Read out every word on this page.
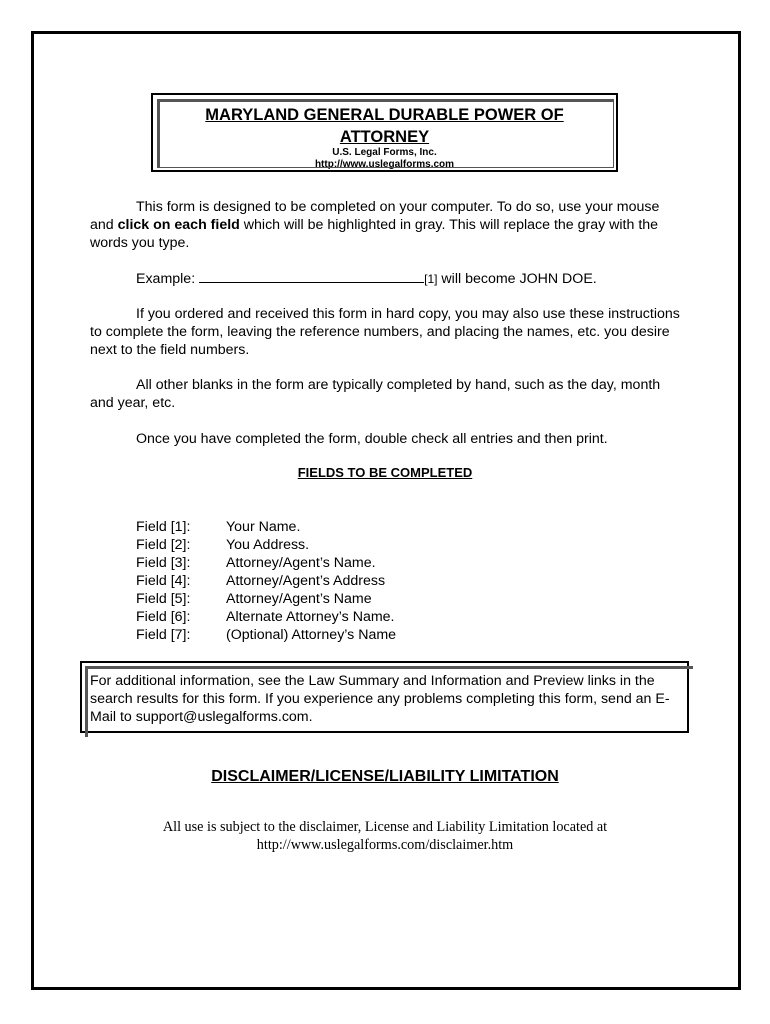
MARYLAND GENERAL DURABLE POWER OF
ATTORNEY
U.S. Legal Forms, Inc.
http://www.uslegalforms.com

This form is designed to be completed on your computer. To do so, use your mouse and click on each field which will be highlighted in gray. This will replace the gray with the words you type.

Example:	[1] will become JOHN DOE.

If you ordered and received this form in hard copy, you may also use these instructions to complete the form, leaving the reference numbers, and placing the names, etc. you desire next to the field numbers.

All other blanks in the form are typically completed by hand, such as the day, month and year, etc.

Once you have completed the form, double check all entries and then print.

FIELDS TO BE COMPLETED
Field [1]:	Your Name.
Field [2]:	You Address.
Field [3]:	Attorney/Agent’s Name.
Field [4]:	Attorney/Agent’s Address
Field [5]:	Attorney/Agent’s Name
Field [6]:	Alternate Attorney’s Name.
Field [7]:	(Optional) Attorney’s Name

For additional information, see the Law Summary and Information and Preview links in the search results for this form. If you experience any problems completing this form, send an E-Mail to support@uslegalforms.com.

DISCLAIMER/LICENSE/LIABILITY LIMITATION
All use is subject to the disclaimer, License and Liability Limitation located at
http://www.uslegalforms.com/disclaimer.htm
